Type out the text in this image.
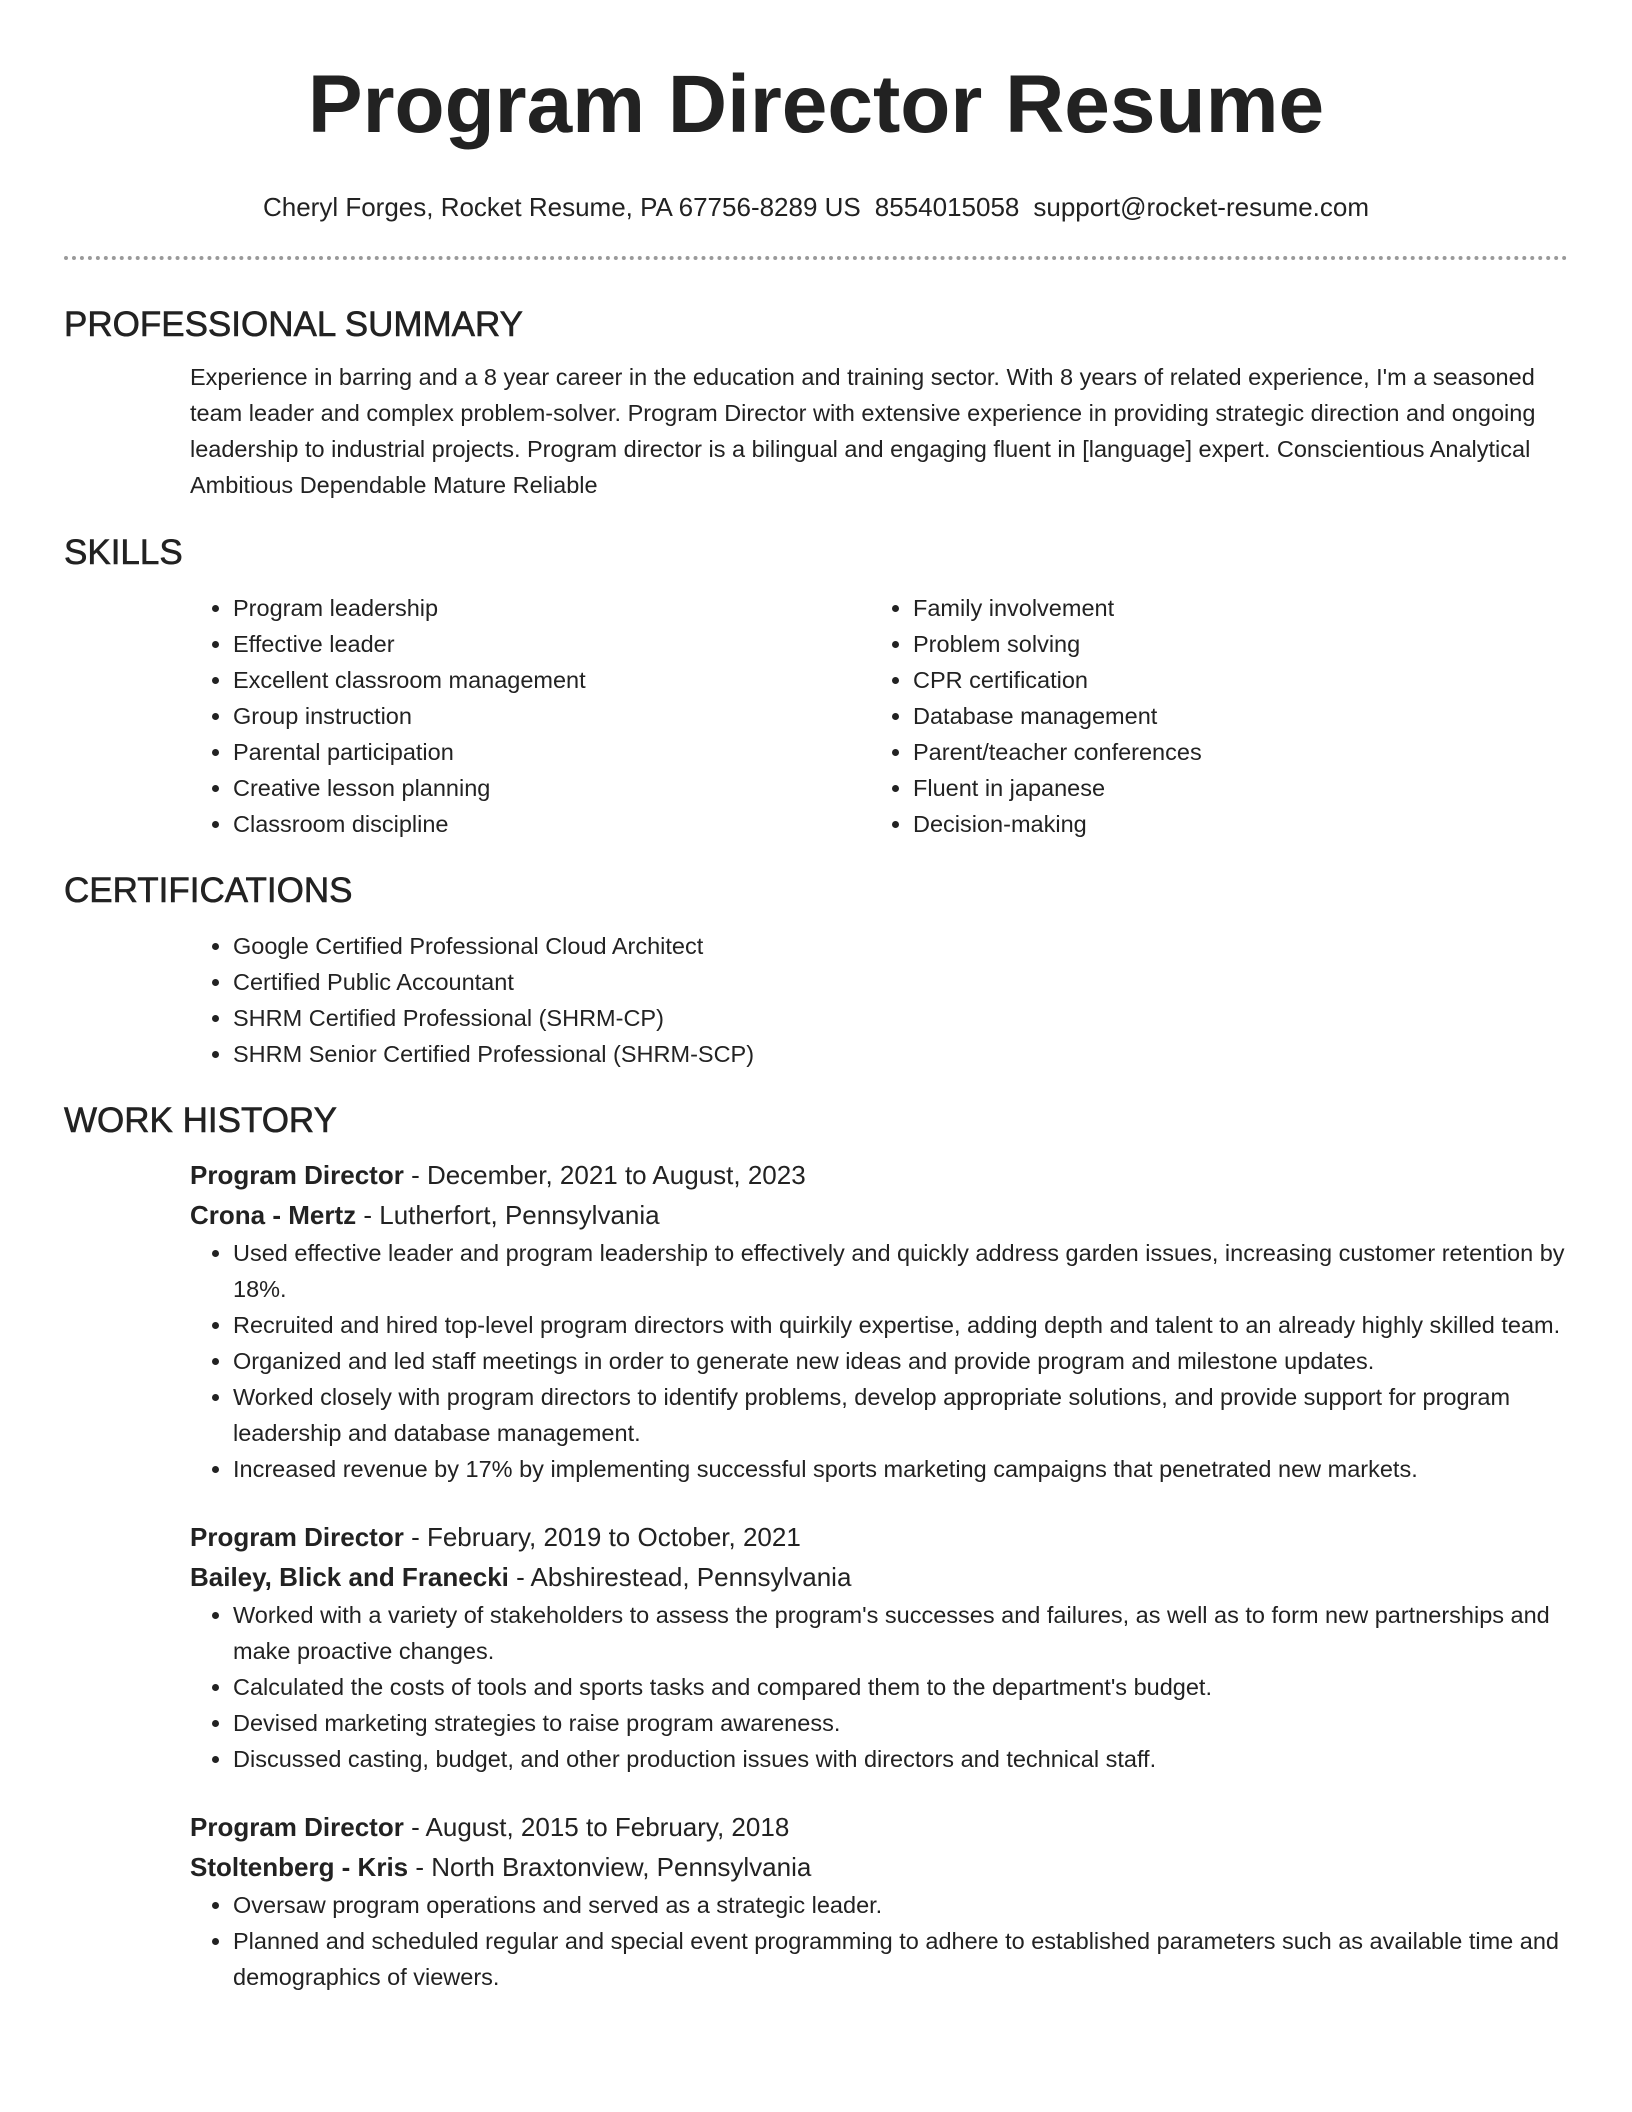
Program Director Resume
Cheryl Forges, Rocket Resume, PA 67756-8289 US 8554015058 support@rocket-resume.com
PROFESSIONAL SUMMARY
Experience in barring and a 8 year career in the education and training sector. With 8 years of related experience, I'm a seasoned team leader and complex problem-solver. Program Director with extensive experience in providing strategic direction and ongoing leadership to industrial projects. Program director is a bilingual and engaging fluent in [language] expert. Conscientious Analytical Ambitious Dependable Mature Reliable
SKILLS
• Program leadership
• Effective leader
• Excellent classroom management
• Group instruction
• Parental participation
• Creative lesson planning
• Classroom discipline
• Family involvement
• Problem solving
• CPR certification
• Database management
• Parent/teacher conferences
• Fluent in japanese
• Decision-making
CERTIFICATIONS
• Google Certified Professional Cloud Architect
• Certified Public Accountant
• SHRM Certified Professional (SHRM-CP)
• SHRM Senior Certified Professional (SHRM-SCP)
WORK HISTORY
Program Director - December, 2021 to August, 2023
Crona - Mertz - Lutherfort, Pennsylvania
• Used effective leader and program leadership to effectively and quickly address garden issues, increasing customer retention by 18%.
• Recruited and hired top-level program directors with quirkily expertise, adding depth and talent to an already highly skilled team.
• Organized and led staff meetings in order to generate new ideas and provide program and milestone updates.
• Worked closely with program directors to identify problems, develop appropriate solutions, and provide support for program leadership and database management.
• Increased revenue by 17% by implementing successful sports marketing campaigns that penetrated new markets.
Program Director - February, 2019 to October, 2021
Bailey, Blick and Franecki - Abshirestead, Pennsylvania
• Worked with a variety of stakeholders to assess the program's successes and failures, as well as to form new partnerships and make proactive changes.
• Calculated the costs of tools and sports tasks and compared them to the department's budget.
• Devised marketing strategies to raise program awareness.
• Discussed casting, budget, and other production issues with directors and technical staff.
Program Director - August, 2015 to February, 2018
Stoltenberg - Kris - North Braxtonview, Pennsylvania
• Oversaw program operations and served as a strategic leader.
• Planned and scheduled regular and special event programming to adhere to established parameters such as available time and demographics of viewers.
